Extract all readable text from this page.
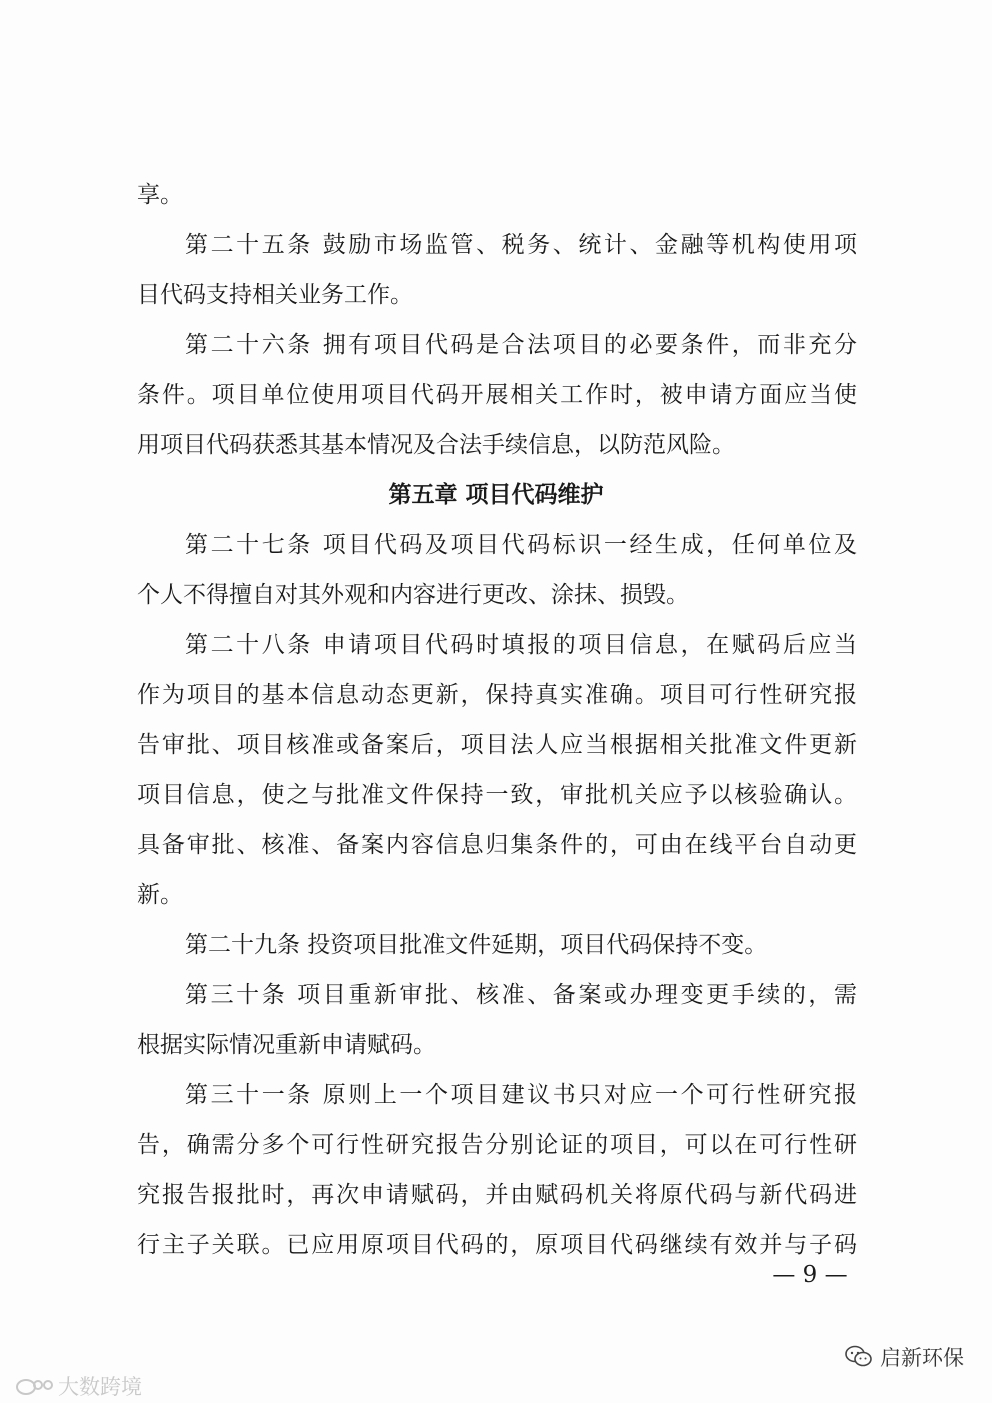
享。

第二十五条 鼓励市场监管、税务、统计、金融等机构使用项

目代码支持相关业务工作。

第二十六条 拥有项目代码是合法项目的必要条件，而非充分

条件。项目单位使用项目代码开展相关工作时，被申请方面应当使

用项目代码获悉其基本情况及合法手续信息，以防范风险。

第五章 项目代码维护

第二十七条 项目代码及项目代码标识一经生成，任何单位及

个人不得擅自对其外观和内容进行更改、涂抹、损毁。

第二十八条 申请项目代码时填报的项目信息，在赋码后应当

作为项目的基本信息动态更新，保持真实准确。项目可行性研究报

告审批、项目核准或备案后，项目法人应当根据相关批准文件更新

项目信息，使之与批准文件保持一致，审批机关应予以核验确认。

具备审批、核准、备案内容信息归集条件的，可由在线平台自动更

新。

第二十九条 投资项目批准文件延期，项目代码保持不变。

第三十条 项目重新审批、核准、备案或办理变更手续的，需

根据实际情况重新申请赋码。

第三十一条 原则上一个项目建议书只对应一个可行性研究报

告，确需分多个可行性研究报告分别论证的项目，可以在可行性研

究报告报批时，再次申请赋码，并由赋码机关将原代码与新代码进

行主子关联。已应用原项目代码的，原项目代码继续有效并与子码

— 9 —
大数跨境
启新环保
